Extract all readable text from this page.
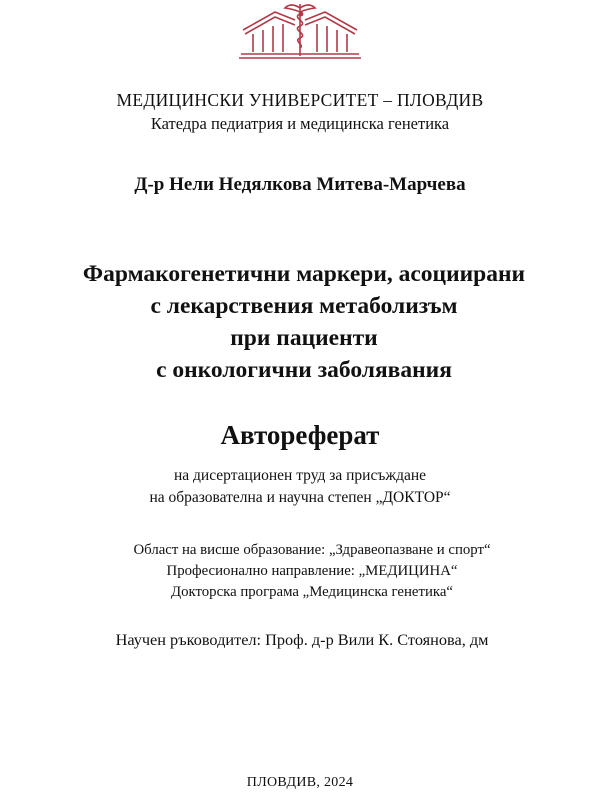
МЕДИЦИНСКИ УНИВЕРСИТЕТ – ПЛОВДИВ

Катедра педиатрия и медицинска генетика

Д-р Нели Недялкова Митева-Марчева

Фармакогенетични маркери, асоциирани

с лекарствения метаболизъм

при пациенти

с онкологични заболявания

Автореферат

на дисертационен труд за присъждане

на образователна и научна степен „ДОКТОР“

Област на висше образование: „Здравеопазване и спорт“

Професионално направление: „МЕДИЦИНА“

Докторска програма „Медицинска генетика“

Научен ръководител: Проф. д-р Вили К. Стоянова, дм

ПЛОВДИВ, 2024
